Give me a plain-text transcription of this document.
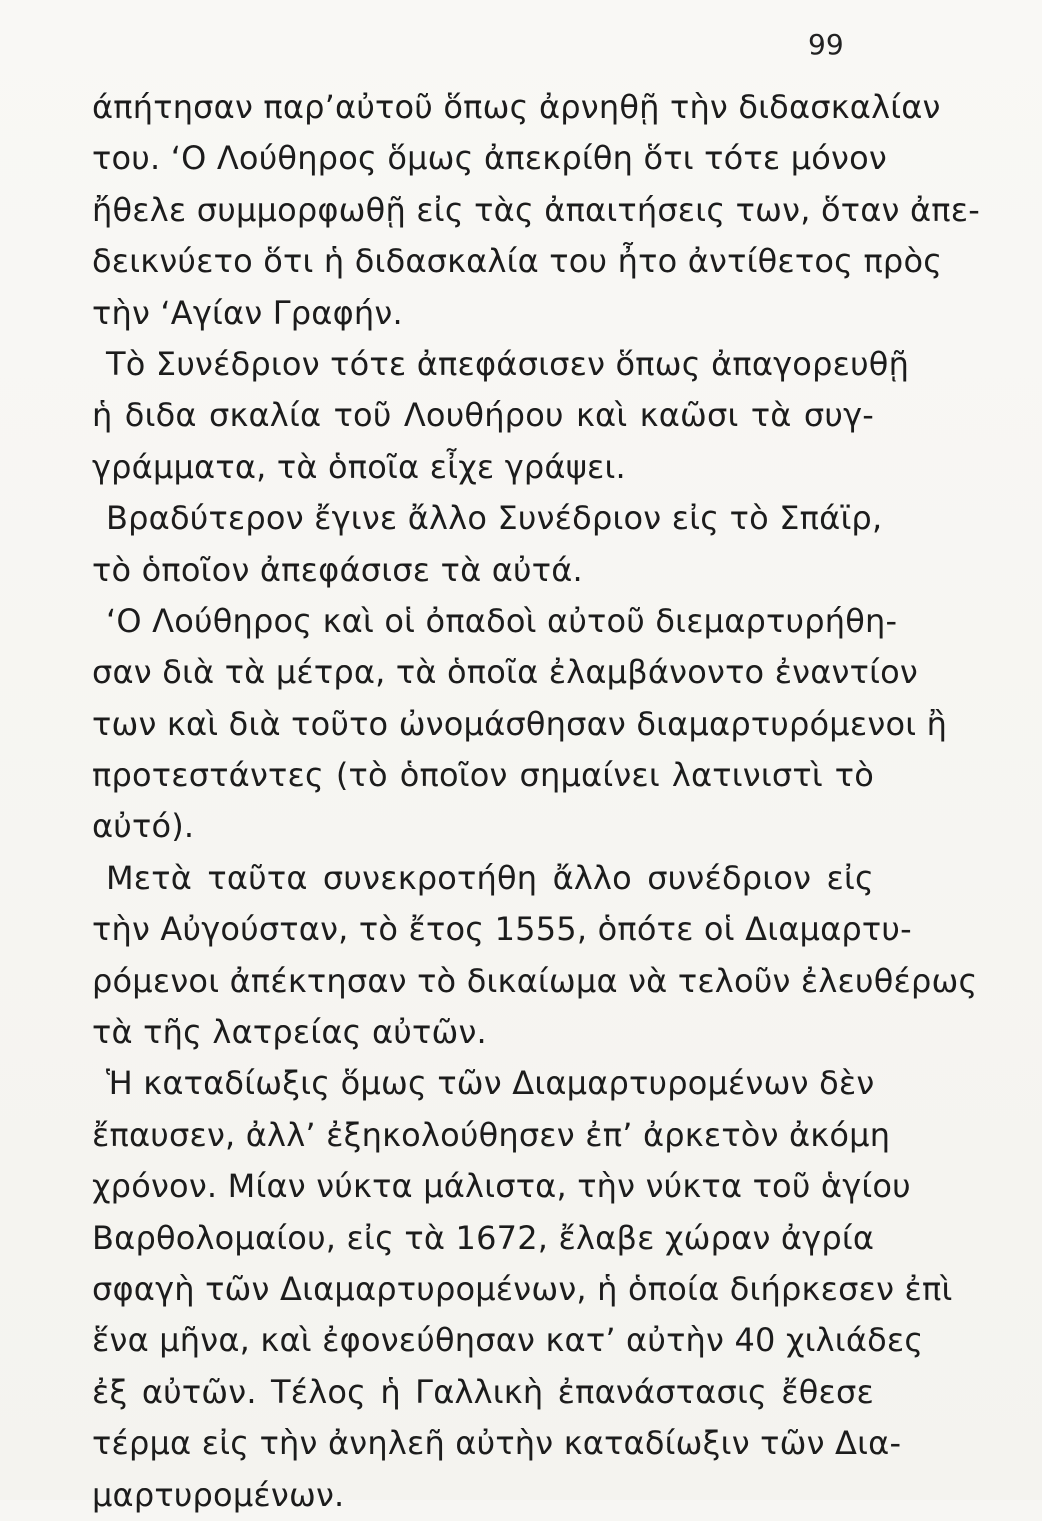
99
άπήτησαν παρ’αὐτοῦ ὅπως ἀρνηθῇ τὴν διδασκαλίαν
του. ‘Ο Λούθηρος ὅμως ἀπεκρίθη ὅτι τότε μόνον
ἤθελε συμμορφωθῇ εἰς τὰς ἀπαιτήσεις των, ὅταν ἀπε-
δεικνύετο ὅτι ἡ διδασκαλία του ἦτο ἀντίθετος πρὸς
τὴν ‘Αγίαν Γραφήν.
Τὸ Συνέδριον τότε ἀπεφάσισεν ὅπως ἀπαγορευθῇ
ἡ διδα σκαλία τοῦ Λουθήρου καὶ καῶσι τὰ συγ-
γράμματα, τὰ ὁποῖα εἶχε γράψει.
Βραδύτερον ἔγινε ἄλλο Συνέδριον εἰς τὸ Σπάϊρ,
τὸ ὁποῖον ἀπεφάσισε τὰ αὐτά.
‘Ο Λούθηρος καὶ οἱ ὀπαδοὶ αὐτοῦ διεμαρτυρήθη-
σαν διὰ τὰ μέτρα, τὰ ὁποῖα ἐλαμβάνοντο ἐναντίον
των καὶ διὰ τοῦτο ὠνομάσθησαν διαμαρτυρόμενοι ἢ
προτεστάντες (τὸ ὁποῖον σημαίνει λατινιστὶ τὸ
αὐτό).
Μετὰ ταῦτα συνεκροτήθη ἄλλο συνέδριον εἰς
τὴν Αὐγούσταν, τὸ ἔτος 1555, ὁπότε οἱ Διαμαρτυ-
ρόμενοι ἀπέκτησαν τὸ δικαίωμα νὰ τελοῦν ἐλευθέρως
τὰ τῆς λατρείας αὐτῶν.
Ἡ καταδίωξις ὅμως τῶν Διαμαρτυρομένων δὲν
ἔπαυσεν, ἀλλ’ ἐξηκολούθησεν ἐπ’ ἀρκετὸν ἀκόμη
χρόνον. Μίαν νύκτα μάλιστα, τὴν νύκτα τοῦ ἁγίου
Βαρθολομαίου, εἰς τὰ 1672, ἔλαβε χώραν ἀγρία
σφαγὴ τῶν Διαμαρτυρομένων, ἡ ὁποία διήρκεσεν ἐπὶ
ἕνα μῆνα, καὶ ἐφονεύθησαν κατ’ αὐτὴν 40 χιλιάδες
ἐξ αὐτῶν. Τέλος ἡ Γαλλικὴ ἐπανάστασις ἔθεσε
τέρμα εἰς τὴν ἀνηλεῆ αὐτὴν καταδίωξιν τῶν Δια-
μαρτυρομένων.
